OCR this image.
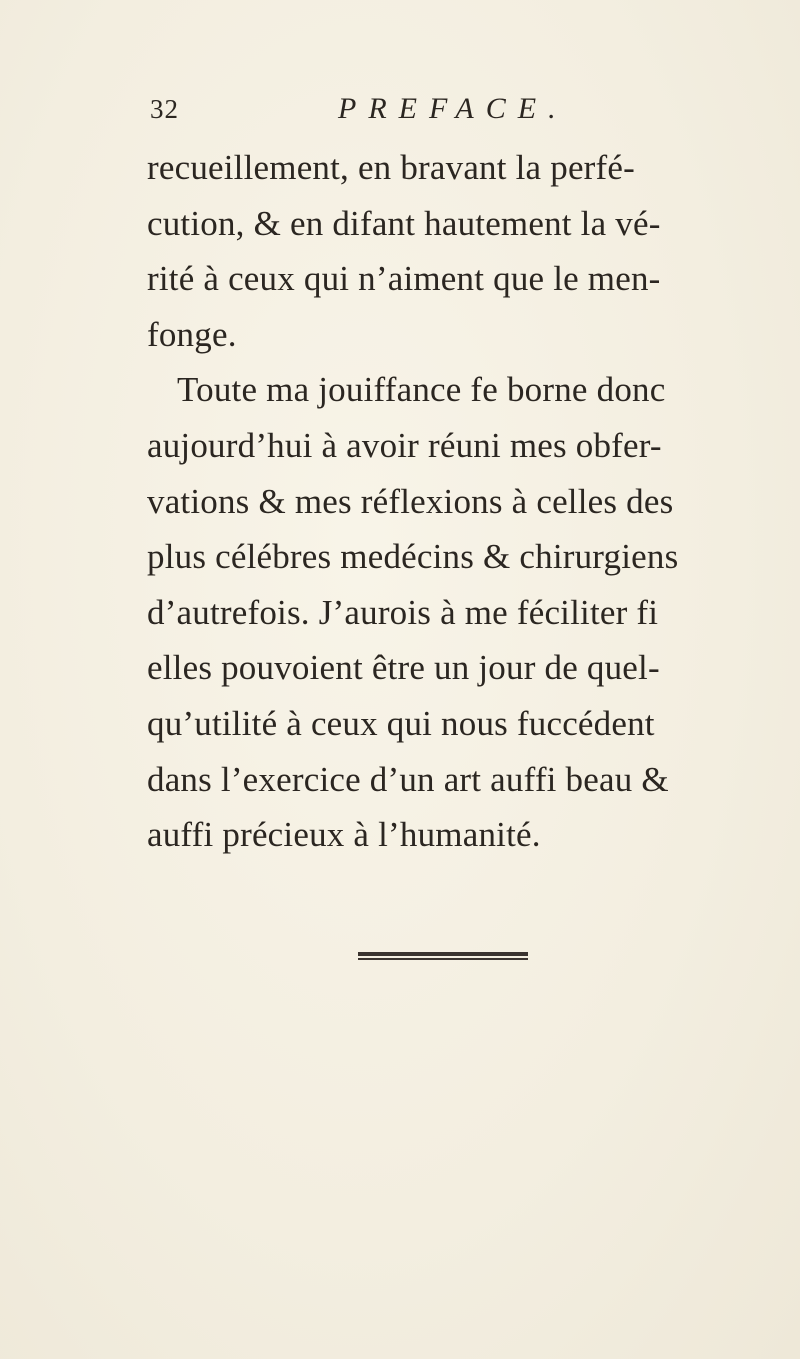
32	PREFACE.
recueillement, en bravant la perfé-
cution, & en difant hautement la vé-
rité à ceux qui n’aiment que le men-
fonge.
Toute ma jouiffance fe borne donc
aujourd’hui à avoir réuni mes obfer-
vations & mes réflexions à celles des
plus célébres medécins & chirurgiens
d’autrefois. J’aurois à me féciliter fi
elles pouvoient être un jour de quel-
qu’utilité à ceux qui nous fuccédent
dans l’exercice d’un art auffi beau &
auffi précieux à l’humanité.
